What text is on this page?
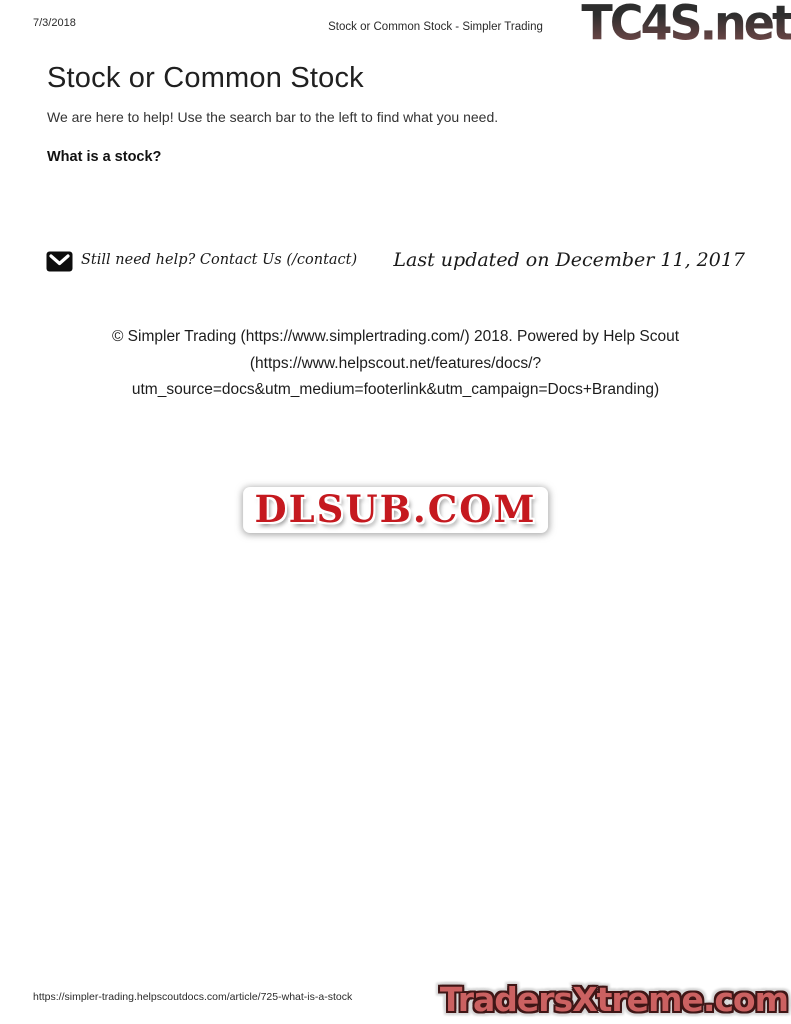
7/3/2018	Stock or Common Stock - Simpler Trading TC4S.net
Stock or Common Stock

We are here to help! Use the search bar to the left to find what you need.

What is a stock?
Still need help? Contact Us (/contact) Last updated on December 11, 2017
© Simpler Trading (https://www.simplertrading.com/) 2018. Powered by Help Scout
(https://www.helpscout.net/features/docs/?
utm_source=docs&utm_medium=footerlink&utm_campaign=Docs+Branding)
DLSUB.COM
https://simpler-trading.helpscoutdocs.com/article/725-what-is-a-stock	TradersXtreme.com
